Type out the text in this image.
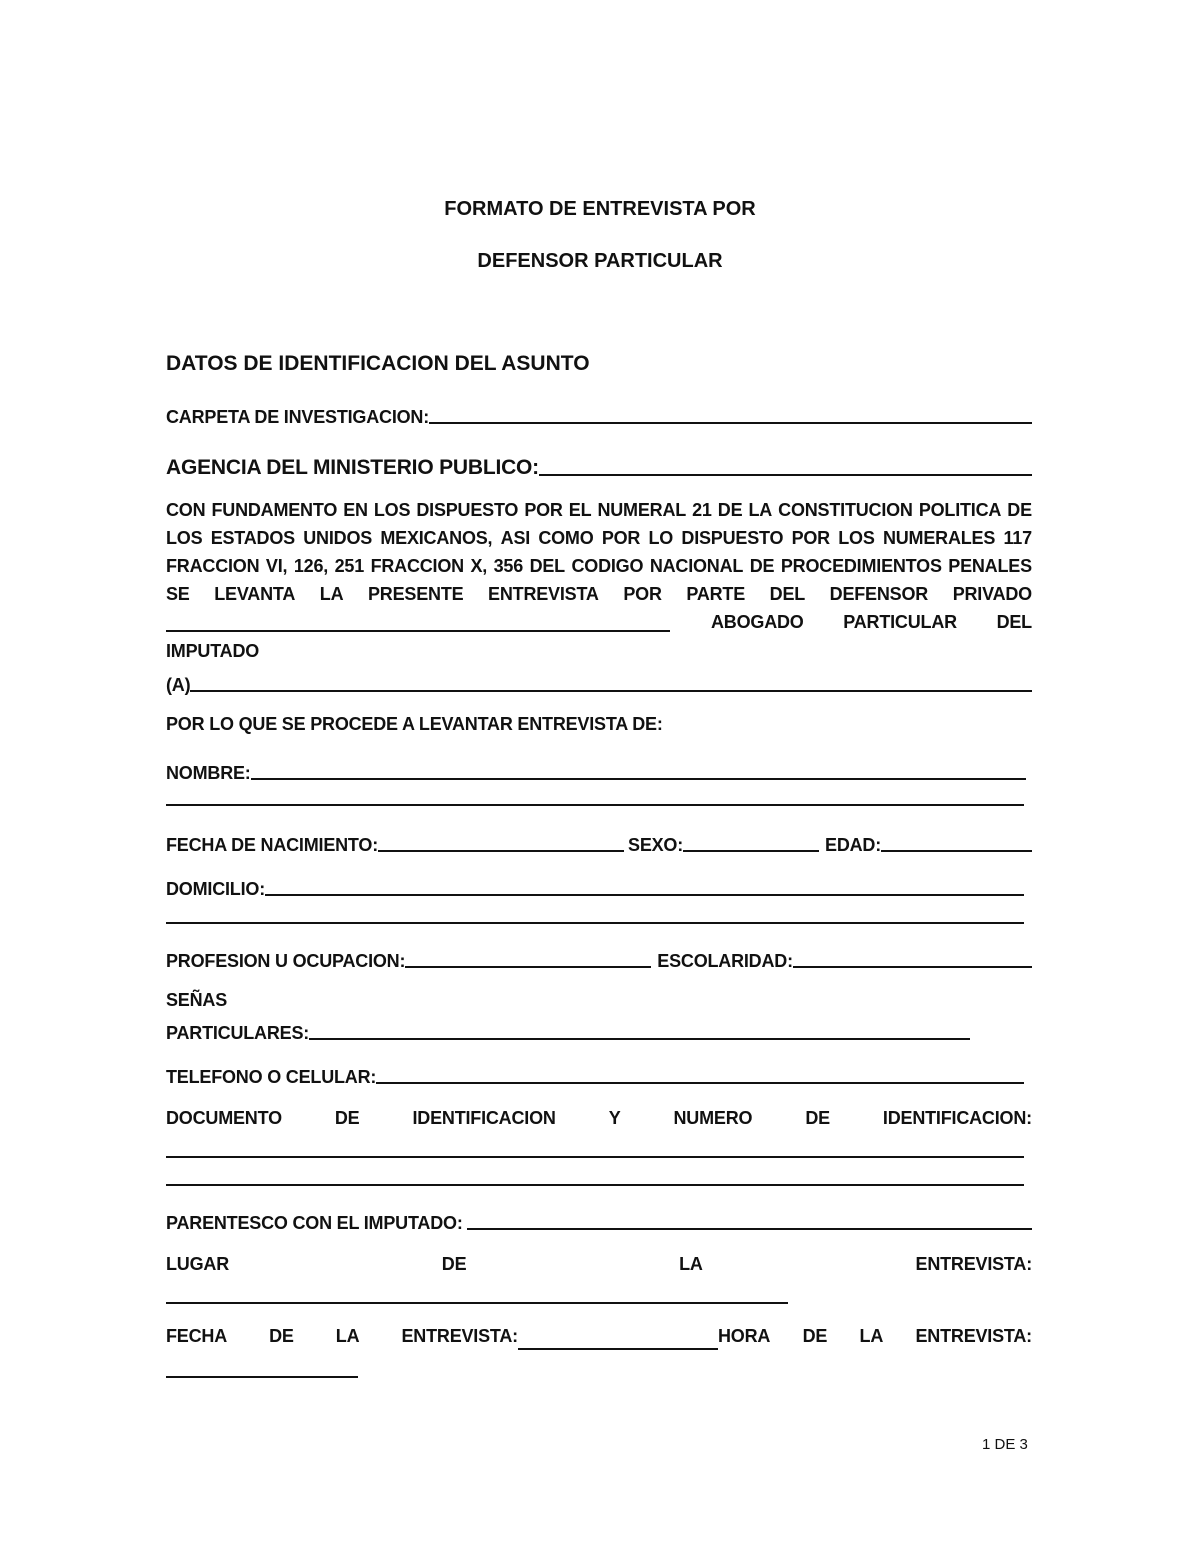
FORMATO DE ENTREVISTA POR
DEFENSOR PARTICULAR
DATOS DE IDENTIFICACION DEL ASUNTO
CARPETA DE INVESTIGACION:
AGENCIA DEL MINISTERIO PUBLICO:
CON FUNDAMENTO EN LOS DISPUESTO POR EL NUMERAL 21 DE LA CONSTITUCION POLITICA DE
LOS ESTADOS UNIDOS MEXICANOS, ASI COMO POR LO DISPUESTO POR LOS NUMERALES 117
FRACCION VI, 126, 251 FRACCION X, 356 DEL CODIGO NACIONAL DE PROCEDIMIENTOS PENALES
SE LEVANTA LA PRESENTE ENTREVISTA POR PARTE DEL DEFENSOR PRIVADO
ABOGADO PARTICULAR DEL
IMPUTADO
(A)
POR LO QUE SE PROCEDE A LEVANTAR ENTREVISTA DE:
NOMBRE:
FECHA DE NACIMIENTO:	SEXO:	EDAD:
DOMICILIO:
PROFESION U OCUPACION:	ESCOLARIDAD:
SEÑAS
PARTICULARES:
TELEFONO O CELULAR:
DOCUMENTO	DE	IDENTIFICACION	Y	NUMERO	DE	IDENTIFICACION:
PARENTESCO CON EL IMPUTADO:
LUGAR	DE	LA	ENTREVISTA:
FECHA DE LA ENTREVISTA:	HORA DE LA ENTREVISTA:
1 DE 3
